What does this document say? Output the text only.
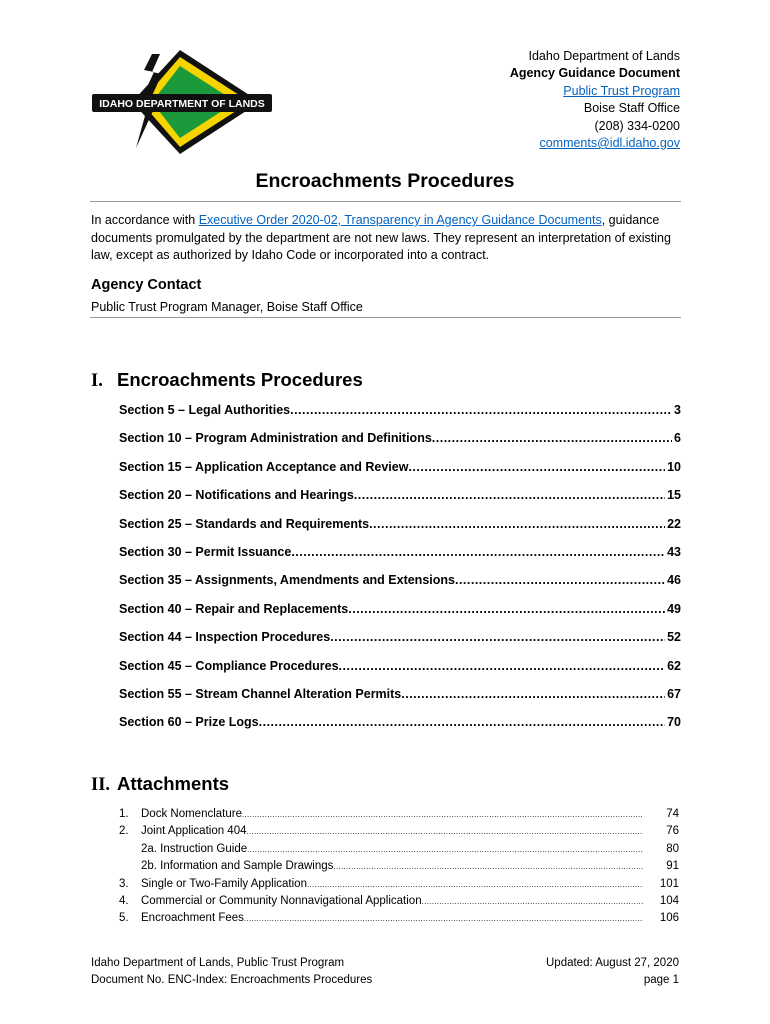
IDAHO DEPARTMENT OF LANDS
Idaho Department of Lands
Agency Guidance Document
Public Trust Program
Boise Staff Office
(208) 334-0200
comments@idl.idaho.gov
Encroachments Procedures
In accordance with Executive Order 2020-02, Transparency in Agency Guidance Documents, guidance documents promulgated by the department are not new laws. They represent an interpretation of existing law, except as authorized by Idaho Code or incorporated into a contract.
Agency Contact
Public Trust Program Manager, Boise Staff Office
I. Encroachments Procedures
Section 5 – Legal Authorities .....	3
Section 10 – Program Administration and Definitions .....	6
Section 15 – Application Acceptance and Review .....	10
Section 20 – Notifications and Hearings .....	15
Section 25 – Standards and Requirements .....	22
Section 30 – Permit Issuance .....	43
Section 35 – Assignments, Amendments and Extensions .....	46
Section 40 – Repair and Replacements .....	49
Section 44 – Inspection Procedures .....	52
Section 45 – Compliance Procedures .....	62
Section 55 – Stream Channel Alteration Permits .....	67
Section 60 – Prize Logs .....	70
II. Attachments
1.	Dock Nomenclature .....	74
2.	Joint Application 404 .....	76
2a. Instruction Guide .....	80
2b. Information and Sample Drawings .....	91
3.	Single or Two-Family Application .....	101
4.	Commercial or Community Nonnavigational Application .....	104
5.	Encroachment Fees .....	106
Idaho Department of Lands, Public Trust Program
Document No. ENC-Index: Encroachments Procedures
Updated: August 27, 2020
page 1
